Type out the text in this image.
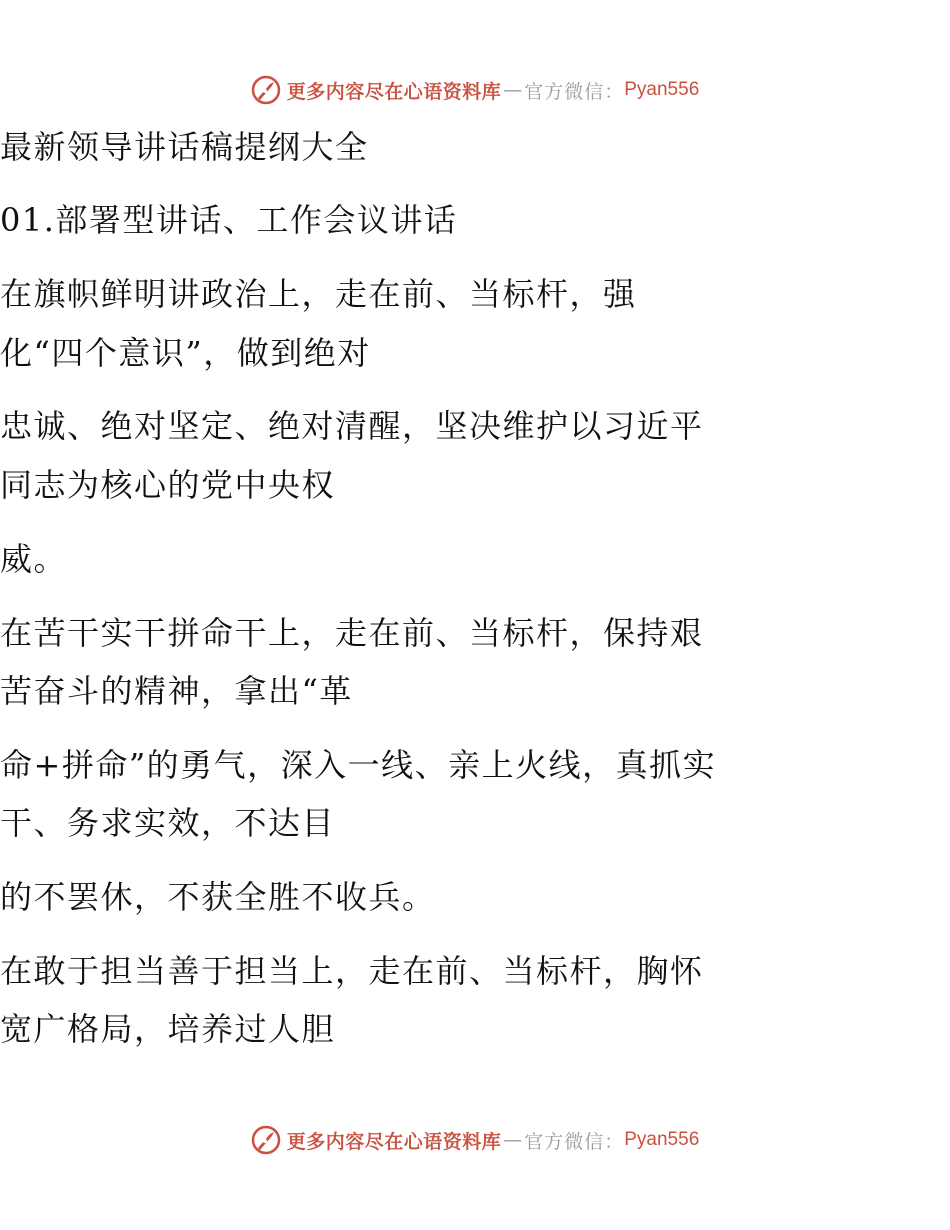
更多内容尽在心语资料库 — 官方微信： Pyan556
最新领导讲话稿提纲大全
01.部署型讲话、工作会议讲话
在旗帜鲜明讲政治上，走在前、当标杆，强
化“四个意识”，做到绝对
忠诚、绝对坚定、绝对清醒，坚决维护以习近平
同志为核心的党中央权
威。
在苦干实干拼命干上，走在前、当标杆，保持艰
苦奋斗的精神，拿出“革
命+拼命”的勇气，深入一线、亲上火线，真抓实
干、务求实效，不达目
的不罢休，不获全胜不收兵。
在敢于担当善于担当上，走在前、当标杆，胸怀
宽广格局，培养过人胆
更多内容尽在心语资料库 — 官方微信： Pyan556
